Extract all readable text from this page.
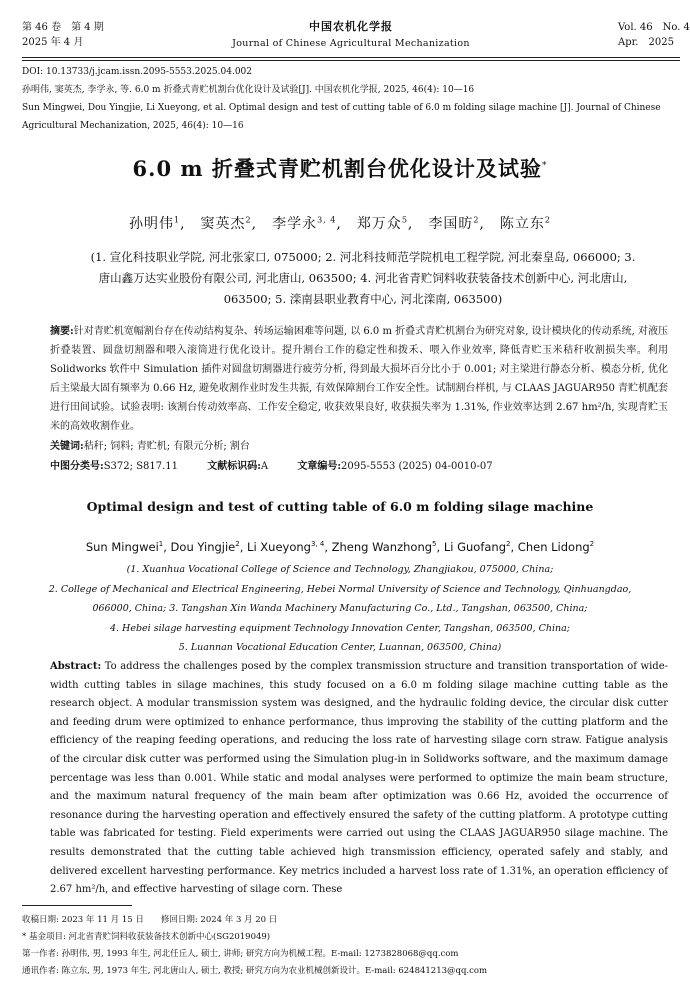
第 46 卷　第 4 期
2025 年 4 月
中国农机化学报
Journal of Chinese Agricultural Mechanization
Vol. 46　No. 4
Apr.　2025
DOI: 10.13733/j.jcam.issn.2095-5553.2025.04.002
孙明伟, 窦英杰, 李学永, 等. 6.0 m 折叠式青贮机割台优化设计及试验[J]. 中国农机化学报, 2025, 46(4): 10—16
Sun Mingwei, Dou Yingjie, Li Xueyong, et al. Optimal design and test of cutting table of 6.0 m folding silage machine [J]. Journal of Chinese
Agricultural Mechanization, 2025, 46(4): 10—16
6.0 m 折叠式青贮机割台优化设计及试验*
孙明伟$^1$,　窦英杰$^2$,　李学永$^{3, 4}$,　郑万众$^5$,　李国昉$^2$,　陈立东$^2$
(1. 宣化科技职业学院, 河北张家口, 075000; 2. 河北科技师范学院机电工程学院, 河北秦皇岛, 066000; 3. 唐山鑫万达实业股份有限公司, 河北唐山, 063500; 4. 河北省青贮饲料收获装备技术创新中心, 河北唐山, 063500; 5. 滦南县职业教育中心, 河北滦南, 063500)
摘要:针对青贮机宽幅割台存在传动结构复杂、转场运输困难等问题, 以 6.0 m 折叠式青贮机割台为研究对象, 设计模块化的传动系统, 对液压折叠装置、圆盘切割器和喂入滚筒进行优化设计。提升割台工作的稳定性和拨禾、喂入作业效率, 降低青贮玉米秸秆收割损失率。利用 Solidworks 软件中 Simulation 插件对圆盘切割器进行疲劳分析, 得到最大损坏百分比小于 0.001; 对主梁进行静态分析、模态分析, 优化后主梁最大固有频率为 0.66 Hz, 避免收割作业时发生共振, 有效保障割台工作安全性。试制割台样机, 与 CLAAS JAGUAR950 青贮机配套进行田间试验。试验表明: 该割台传动效率高、工作安全稳定, 收获效果良好, 收获损失率为 1.31%, 作业效率达到 2.67 hm²/h, 实现青贮玉米的高效收割作业。
关键词:秸秆; 饲料; 青贮机; 有限元分析; 割台
中图分类号:S372; S817.11	文献标识码:A	文章编号:2095-5553 (2025) 04-0010-07
Optimal design and test of cutting table of 6.0 m folding silage machine
Sun Mingwei$^1$, Dou Yingjie$^2$, Li Xueyong$^{3, 4}$, Zheng Wanzhong$^5$, Li Guofang$^2$, Chen Lidong$^2$
(1. Xuanhua Vocational College of Science and Technology, Zhangjiakou, 075000, China;
2. College of Mechanical and Electrical Engineering, Hebei Normal University of Science and Technology, Qinhuangdao,
066000, China; 3. Tangshan Xin Wanda Machinery Manufacturing Co., Ltd., Tangshan, 063500, China;
4. Hebei silage harvesting equipment Technology Innovation Center, Tangshan, 063500, China;
5. Luannan Vocational Education Center, Luannan, 063500, China)
Abstract: To address the challenges posed by the complex transmission structure and transition transportation of wide-width cutting tables in silage machines, this study focused on a 6.0 m folding silage machine cutting table as the research object. A modular transmission system was designed, and the hydraulic folding device, the circular disk cutter and feeding drum were optimized to enhance performance, thus improving the stability of the cutting platform and the efficiency of the reaping feeding operations, and reducing the loss rate of harvesting silage corn straw. Fatigue analysis of the circular disk cutter was performed using the Simulation plug-in in Solidworks software, and the maximum damage percentage was less than 0.001. While static and modal analyses were performed to optimize the main beam structure, and the maximum natural frequency of the main beam after optimization was 0.66 Hz, avoided the occurrence of resonance during the harvesting operation and effectively ensured the safety of the cutting platform. A prototype cutting table was fabricated for testing. Field experiments were carried out using the CLAAS JAGUAR950 silage machine. The results demonstrated that the cutting table achieved high transmission efficiency, operated safely and stably, and delivered excellent harvesting performance. Key metrics included a harvest loss rate of 1.31%, an operation efficiency of 2.67 hm²/h, and effective harvesting of silage corn. These
收稿日期: 2023 年 11 月 15 日　　修回日期: 2024 年 3 月 20 日
* 基金项目: 河北省青贮饲料收获装备技术创新中心(SG2019049)
第一作者: 孙明伟, 男, 1993 年生, 河北任丘人, 硕士, 讲师; 研究方向为机械工程。E-mail: 1273828068@qq.com
通讯作者: 陈立东, 男, 1973 年生, 河北唐山人, 硕士, 教授; 研究方向为农业机械创新设计。E-mail: 624841213@qq.com
